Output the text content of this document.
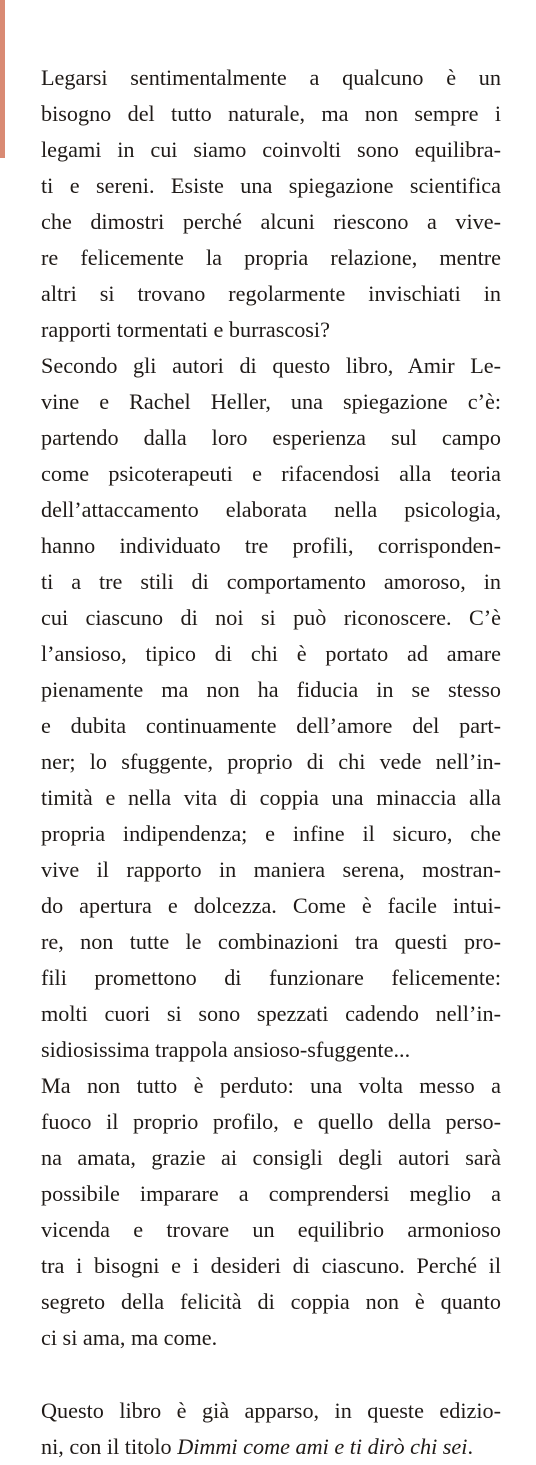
Legarsi sentimentalmente a qualcuno è un
bisogno del tutto naturale, ma non sempre i
legami in cui siamo coinvolti sono equilibra-
ti e sereni. Esiste una spiegazione scientifica
che dimostri perché alcuni riescono a vive-
re felicemente la propria relazione, mentre
altri si trovano regolarmente invischiati in
rapporti tormentati e burrascosi?
Secondo gli autori di questo libro, Amir Le-
vine e Rachel Heller, una spiegazione c’è:
partendo dalla loro esperienza sul campo
come psicoterapeuti e rifacendosi alla teoria
dell’attaccamento elaborata nella psicologia,
hanno individuato tre profili, corrisponden-
ti a tre stili di comportamento amoroso, in
cui ciascuno di noi si può riconoscere. C’è
l’ansioso, tipico di chi è portato ad amare
pienamente ma non ha fiducia in se stesso
e dubita continuamente dell’amore del part-
ner; lo sfuggente, proprio di chi vede nell’in-
timità e nella vita di coppia una minaccia alla
propria indipendenza; e infine il sicuro, che
vive il rapporto in maniera serena, mostran-
do apertura e dolcezza. Come è facile intui-
re, non tutte le combinazioni tra questi pro-
fili promettono di funzionare felicemente:
molti cuori si sono spezzati cadendo nell’in-
sidiosissima trappola ansioso-sfuggente...
Ma non tutto è perduto: una volta messo a
fuoco il proprio profilo, e quello della perso-
na amata, grazie ai consigli degli autori sarà
possibile imparare a comprendersi meglio a
vicenda e trovare un equilibrio armonioso
tra i bisogni e i desideri di ciascuno. Perché il
segreto della felicità di coppia non è quanto
ci si ama, ma come.
Questo libro è già apparso, in queste edizio-
ni, con il titolo Dimmi come ami e ti dirò chi sei.
